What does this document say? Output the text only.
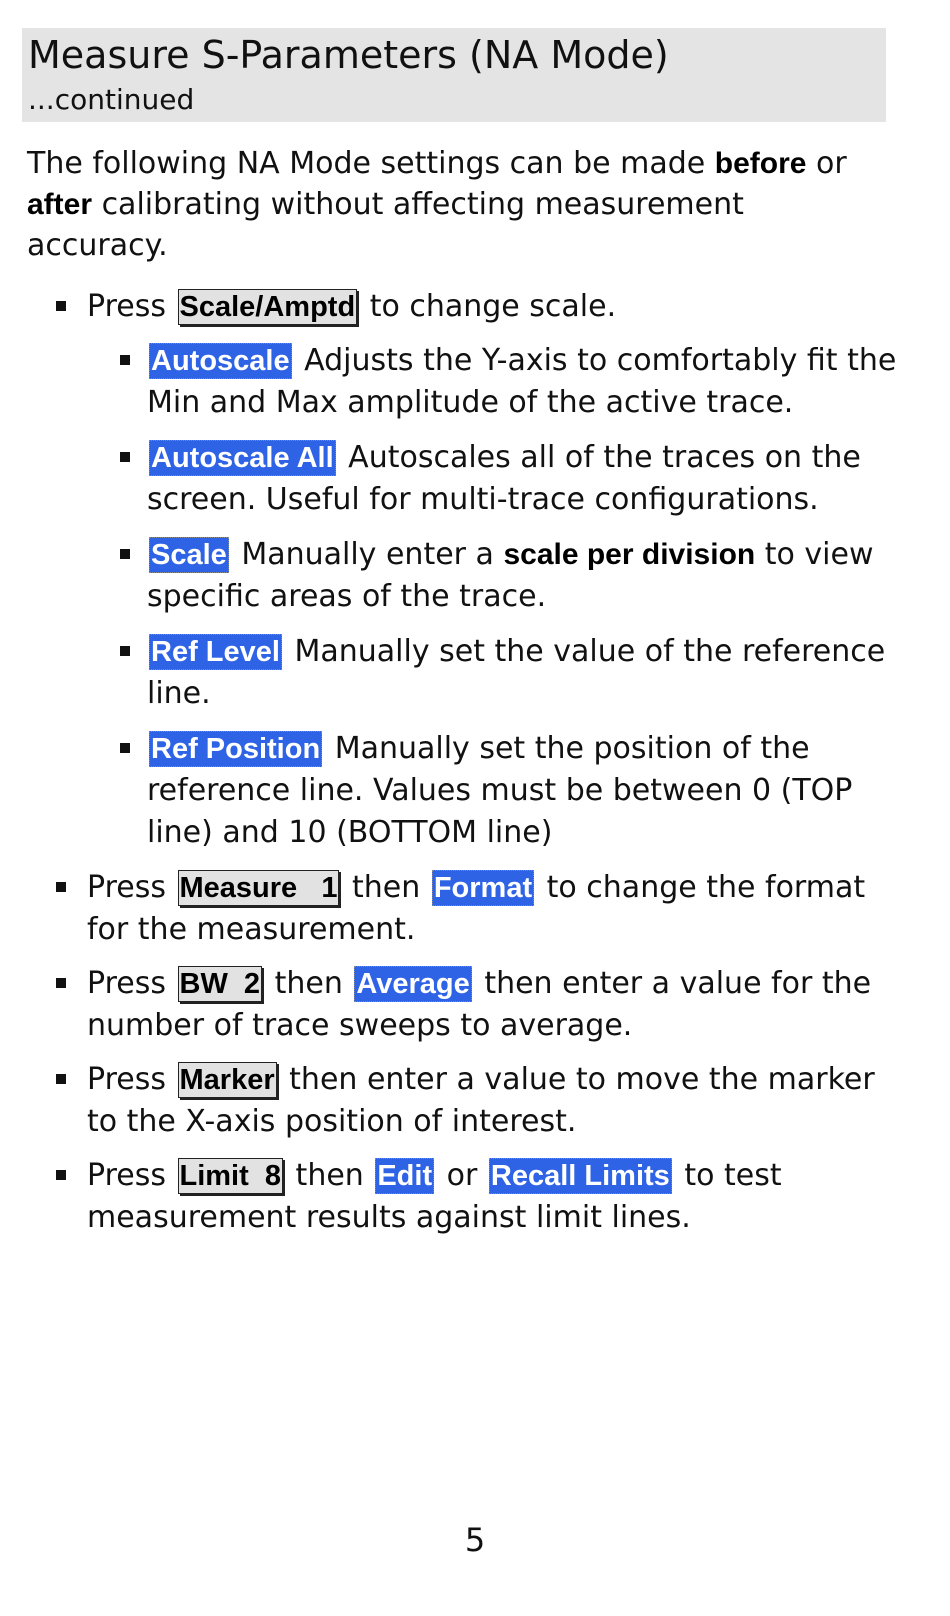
Measure S-Parameters (NA Mode)
...continued

The following NA Mode settings can be made before or after calibrating without affecting measurement accuracy.

Press Scale/Amptd to change scale.
Autoscale Adjusts the Y-axis to comfortably fit the Min and Max amplitude of the active trace.
Autoscale All Autoscales all of the traces on the screen. Useful for multi-trace configurations.
Scale Manually enter a scale per division to view specific areas of the trace.
Ref Level Manually set the value of the reference line.
Ref Position Manually set the position of the reference line. Values must be between 0 (TOP line) and 10 (BOTTOM line)
Press Measure   1 then Format to change the format for the measurement.
Press BW  2 then Average then enter a value for the number of trace sweeps to average.
Press Marker then enter a value to move the marker to the X-axis position of interest.
Press Limit  8 then Edit or Recall Limits to test measurement results against limit lines.
5
